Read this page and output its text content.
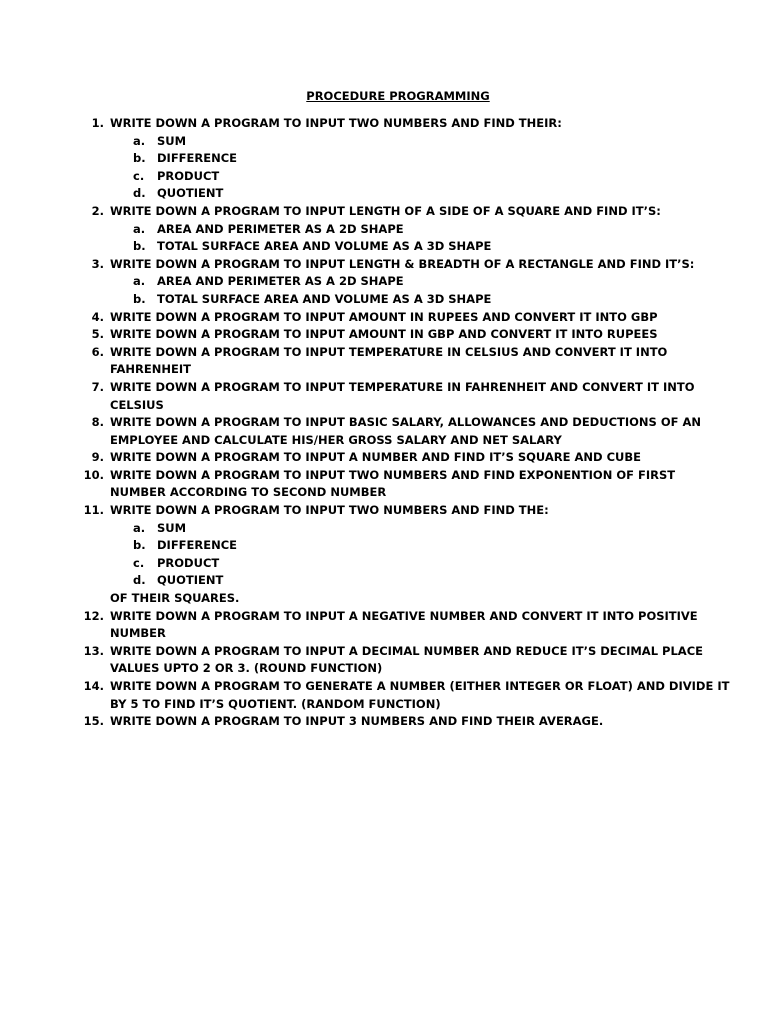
PROCEDURE PROGRAMMING
1. WRITE DOWN A PROGRAM TO INPUT TWO NUMBERS AND FIND THEIR:
a. SUM
b. DIFFERENCE
c. PRODUCT
d. QUOTIENT
2. WRITE DOWN A PROGRAM TO INPUT LENGTH OF A SIDE OF A SQUARE AND FIND IT’S:
a. AREA AND PERIMETER AS A 2D SHAPE
b. TOTAL SURFACE AREA AND VOLUME AS A 3D SHAPE
3. WRITE DOWN A PROGRAM TO INPUT LENGTH & BREADTH OF A RECTANGLE AND FIND IT’S:
a. AREA AND PERIMETER AS A 2D SHAPE
b. TOTAL SURFACE AREA AND VOLUME AS A 3D SHAPE
4. WRITE DOWN A PROGRAM TO INPUT AMOUNT IN RUPEES AND CONVERT IT INTO GBP
5. WRITE DOWN A PROGRAM TO INPUT AMOUNT IN GBP AND CONVERT IT INTO RUPEES
6. WRITE DOWN A PROGRAM TO INPUT TEMPERATURE IN CELSIUS AND CONVERT IT INTO FAHRENHEIT
7. WRITE DOWN A PROGRAM TO INPUT TEMPERATURE IN FAHRENHEIT AND CONVERT IT INTO CELSIUS
8. WRITE DOWN A PROGRAM TO INPUT BASIC SALARY, ALLOWANCES AND DEDUCTIONS OF AN EMPLOYEE AND CALCULATE HIS/HER GROSS SALARY AND NET SALARY
9. WRITE DOWN A PROGRAM TO INPUT A NUMBER AND FIND IT’S SQUARE AND CUBE
10. WRITE DOWN A PROGRAM TO INPUT TWO NUMBERS AND FIND EXPONENTION OF FIRST NUMBER ACCORDING TO SECOND NUMBER
11. WRITE DOWN A PROGRAM TO INPUT TWO NUMBERS AND FIND THE:
a. SUM
b. DIFFERENCE
c. PRODUCT
d. QUOTIENT
OF THEIR SQUARES.
12. WRITE DOWN A PROGRAM TO INPUT A NEGATIVE NUMBER AND CONVERT IT INTO POSITIVE NUMBER
13. WRITE DOWN A PROGRAM TO INPUT A DECIMAL NUMBER AND REDUCE IT’S DECIMAL PLACE VALUES UPTO 2 OR 3. (ROUND FUNCTION)
14. WRITE DOWN A PROGRAM TO GENERATE A NUMBER (EITHER INTEGER OR FLOAT) AND DIVIDE IT BY 5 TO FIND IT’S QUOTIENT. (RANDOM FUNCTION)
15. WRITE DOWN A PROGRAM TO INPUT 3 NUMBERS AND FIND THEIR AVERAGE.
